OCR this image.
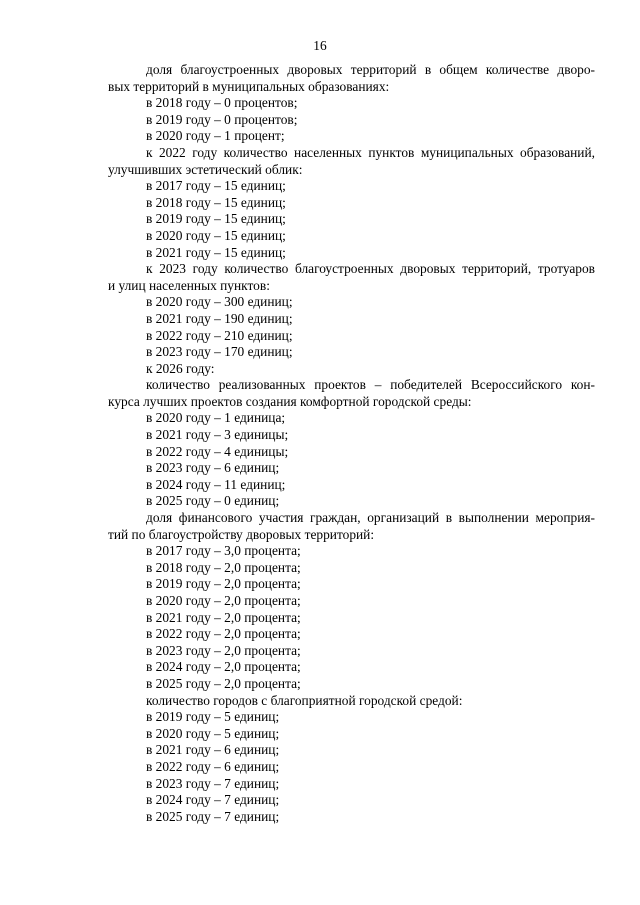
16
доля благоустроенных дворовых территорий в общем количестве дворо-
вых территорий в муниципальных образованиях:
в 2018 году – 0 процентов;
в 2019 году – 0 процентов;
в 2020 году – 1 процент;
к 2022 году количество населенных пунктов муниципальных образований,
улучшивших эстетический облик:
в 2017 году – 15 единиц;
в 2018 году – 15 единиц;
в 2019 году – 15 единиц;
в 2020 году – 15 единиц;
в 2021 году – 15 единиц;
к 2023 году количество благоустроенных дворовых территорий, тротуаров
и улиц населенных пунктов:
в 2020 году – 300 единиц;
в 2021 году – 190 единиц;
в 2022 году – 210 единиц;
в 2023 году – 170 единиц;
к 2026 году:
количество реализованных проектов – победителей Всероссийского кон-
курса лучших проектов создания комфортной городской среды:
в 2020 году – 1 единица;
в 2021 году – 3 единицы;
в 2022 году – 4 единицы;
в 2023 году – 6 единиц;
в 2024 году – 11 единиц;
в 2025 году – 0 единиц;
доля финансового участия граждан, организаций в выполнении мероприя-
тий по благоустройству дворовых территорий:
в 2017 году – 3,0 процента;
в 2018 году – 2,0 процента;
в 2019 году – 2,0 процента;
в 2020 году – 2,0 процента;
в 2021 году – 2,0 процента;
в 2022 году – 2,0 процента;
в 2023 году – 2,0 процента;
в 2024 году – 2,0 процента;
в 2025 году – 2,0 процента;
количество городов с благоприятной городской средой:
в 2019 году – 5 единиц;
в 2020 году – 5 единиц;
в 2021 году – 6 единиц;
в 2022 году – 6 единиц;
в 2023 году – 7 единиц;
в 2024 году – 7 единиц;
в 2025 году – 7 единиц;
